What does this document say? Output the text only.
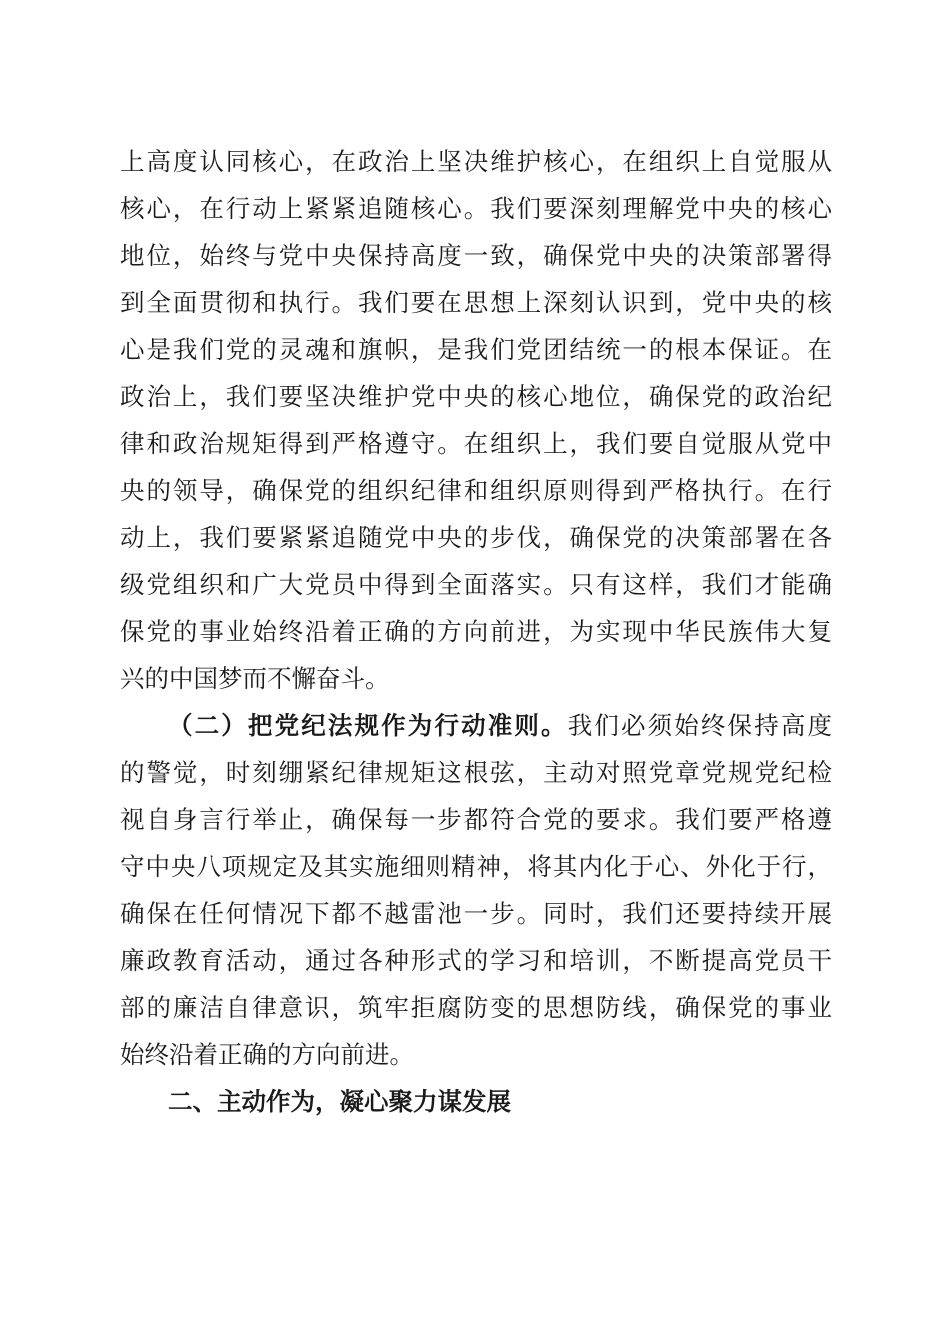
上高度认同核心，在政治上坚决维护核心，在组织上自觉服从
核心，在行动上紧紧追随核心。我们要深刻理解党中央的核心
地位，始终与党中央保持高度一致，确保党中央的决策部署得
到全面贯彻和执行。我们要在思想上深刻认识到，党中央的核
心是我们党的灵魂和旗帜，是我们党团结统一的根本保证。在
政治上，我们要坚决维护党中央的核心地位，确保党的政治纪
律和政治规矩得到严格遵守。在组织上，我们要自觉服从党中
央的领导，确保党的组织纪律和组织原则得到严格执行。在行
动上，我们要紧紧追随党中央的步伐，确保党的决策部署在各
级党组织和广大党员中得到全面落实。只有这样，我们才能确
保党的事业始终沿着正确的方向前进，为实现中华民族伟大复
兴的中国梦而不懈奋斗。
（二）把党纪法规作为行动准则。我们必须始终保持高度
的警觉，时刻绷紧纪律规矩这根弦，主动对照党章党规党纪检
视自身言行举止，确保每一步都符合党的要求。我们要严格遵
守中央八项规定及其实施细则精神，将其内化于心、外化于行，
确保在任何情况下都不越雷池一步。同时，我们还要持续开展
廉政教育活动，通过各种形式的学习和培训，不断提高党员干
部的廉洁自律意识，筑牢拒腐防变的思想防线，确保党的事业
始终沿着正确的方向前进。
二、主动作为，凝心聚力谋发展
